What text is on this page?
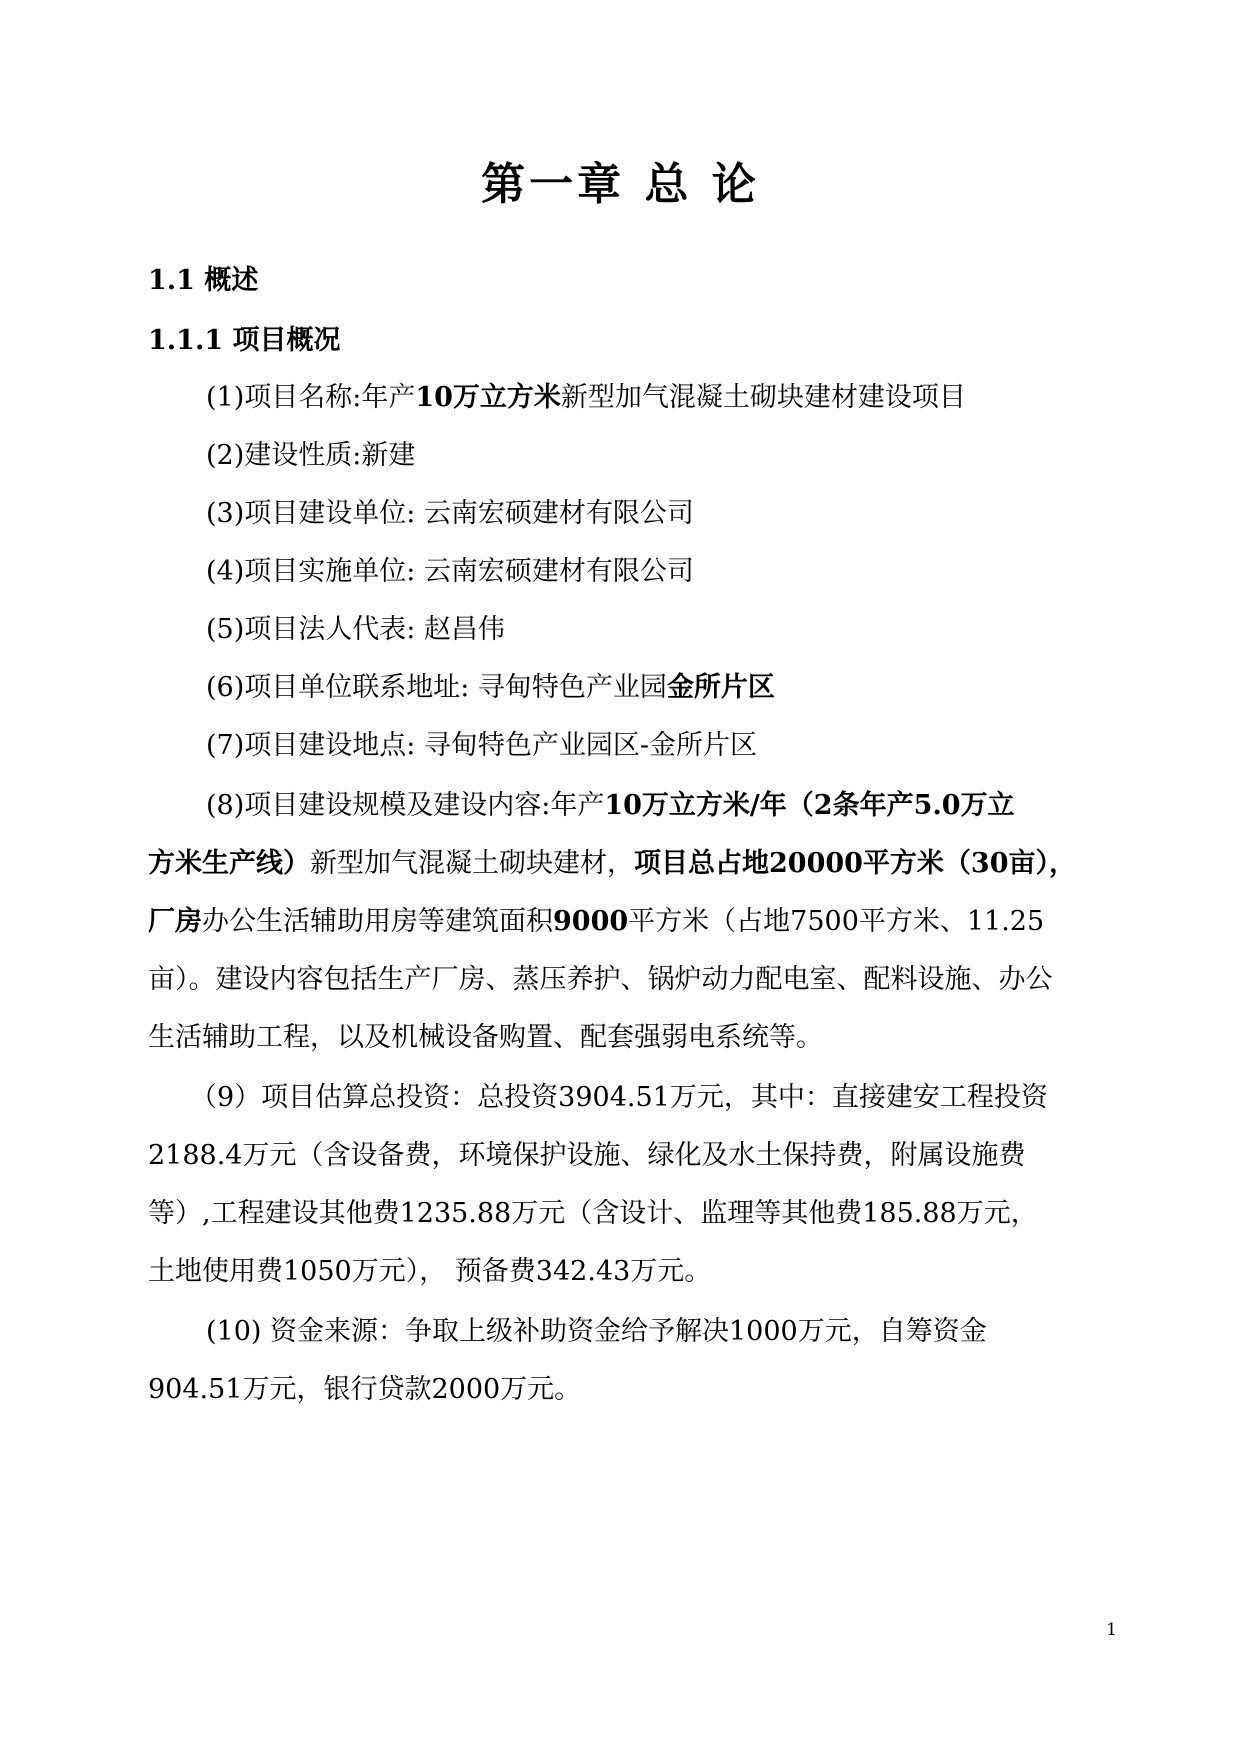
第一章 总 论
1.1 概述
1.1.1 项目概况
(1)项目名称:年产10万立方米新型加气混凝土砌块建材建设项目
(2)建设性质:新建
(3)项目建设单位: 云南宏硕建材有限公司
(4)项目实施单位: 云南宏硕建材有限公司
(5)项目法人代表: 赵昌伟
(6)项目单位联系地址: 寻甸特色产业园金所片区
(7)项目建设地点: 寻甸特色产业园区-金所片区
(8)项目建设规模及建设内容:年产10万立方米/年（2条年产5.0万立
方米生产线）新型加气混凝土砌块建材，项目总占地20000平方米（30亩），
厂房办公生活辅助用房等建筑面积9000平方米（占地7500平方米、11.25
亩）。建设内容包括生产厂房、蒸压养护、锅炉动力配电室、配料设施、办公
生活辅助工程，以及机械设备购置、配套强弱电系统等。
（9）项目估算总投资：总投资3904.51万元，其中：直接建安工程投资
2188.4万元（含设备费，环境保护设施、绿化及水土保持费，附属设施费
等）,工程建设其他费1235.88万元（含设计、监理等其他费185.88万元，
土地使用费1050万元）， 预备费342.43万元。
(10) 资金来源：争取上级补助资金给予解决1000万元，自筹资金
904.51万元，银行贷款2000万元。
1
